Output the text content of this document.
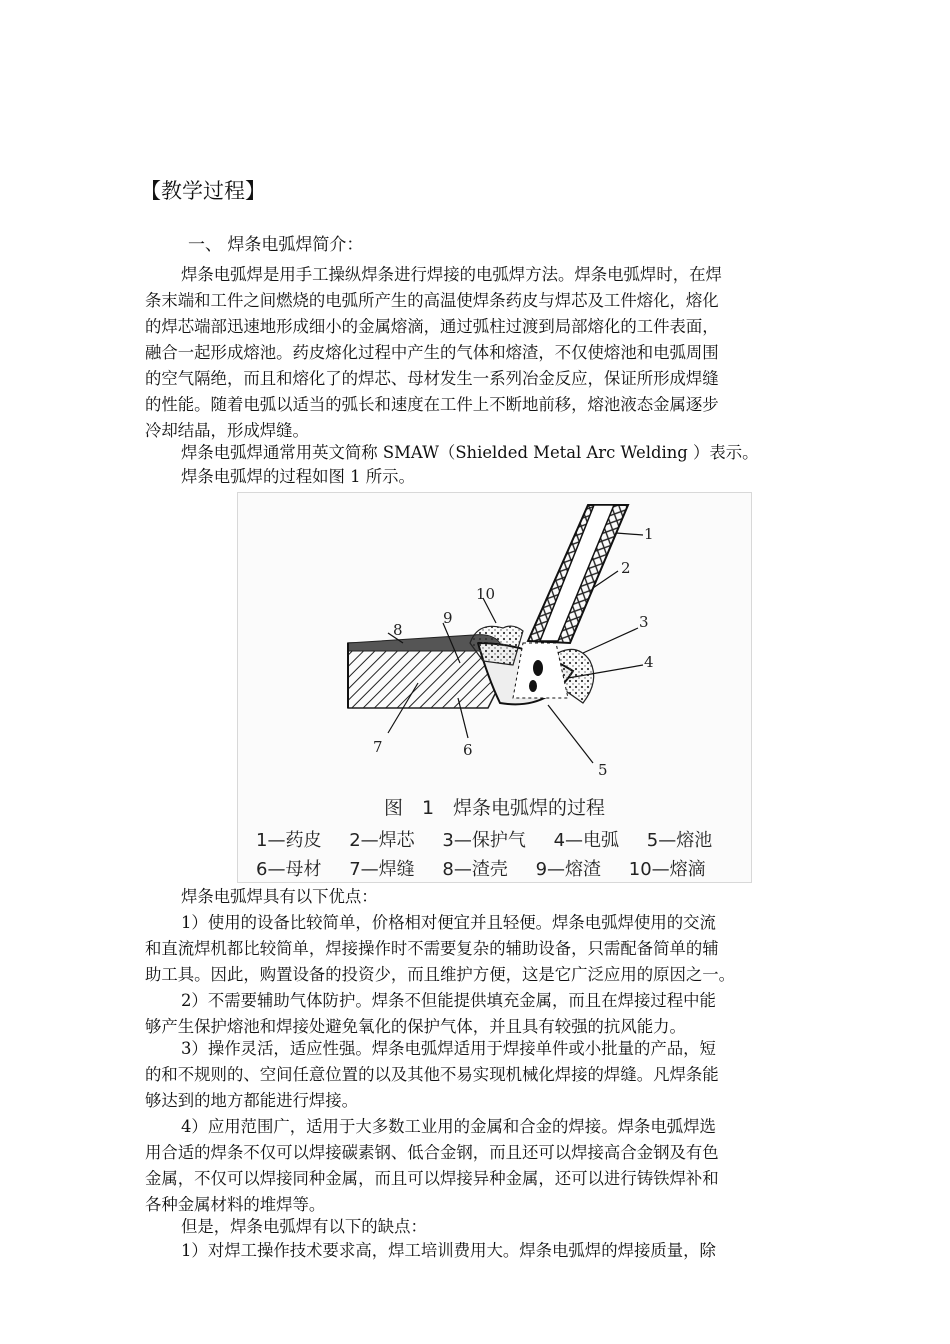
【教学过程】
一、 焊条电弧焊简介：
焊条电弧焊是用手工操纵焊条进行焊接的电弧焊方法。焊条电弧焊时，在焊
条末端和工件之间燃烧的电弧所产生的高温使焊条药皮与焊芯及工件熔化，熔化
的焊芯端部迅速地形成细小的金属熔滴，通过弧柱过渡到局部熔化的工件表面，
融合一起形成熔池。药皮熔化过程中产生的气体和熔渣，不仅使熔池和电弧周围
的空气隔绝，而且和熔化了的焊芯、母材发生一系列冶金反应，保证所形成焊缝
的性能。随着电弧以适当的弧长和速度在工件上不断地前移，熔池液态金属逐步
冷却结晶，形成焊缝。
焊条电弧焊通常用英文简称 SMAW（Shielded Metal Arc Welding ）表示。
焊条电弧焊的过程如图 1 所示。
1
2
3
4
5
6
7
8
9
10
图　1　焊条电弧焊的过程
1—药皮 2—焊芯 3—保护气 4—电弧 5—熔池
6—母材 7—焊缝 8—渣壳 9—熔渣 10—熔滴
焊条电弧焊具有以下优点：
1）使用的设备比较简单，价格相对便宜并且轻便。焊条电弧焊使用的交流
和直流焊机都比较简单，焊接操作时不需要复杂的辅助设备，只需配备简单的辅
助工具。因此，购置设备的投资少，而且维护方便，这是它广泛应用的原因之一。
2）不需要辅助气体防护。焊条不但能提供填充金属，而且在焊接过程中能
够产生保护熔池和焊接处避免氧化的保护气体，并且具有较强的抗风能力。
3）操作灵活，适应性强。焊条电弧焊适用于焊接单件或小批量的产品，短
的和不规则的、空间任意位置的以及其他不易实现机械化焊接的焊缝。凡焊条能
够达到的地方都能进行焊接。
4）应用范围广，适用于大多数工业用的金属和合金的焊接。焊条电弧焊选
用合适的焊条不仅可以焊接碳素钢、低合金钢，而且还可以焊接高合金钢及有色
金属，不仅可以焊接同种金属，而且可以焊接异种金属，还可以进行铸铁焊补和
各种金属材料的堆焊等。
但是，焊条电弧焊有以下的缺点：
1）对焊工操作技术要求高，焊工培训费用大。焊条电弧焊的焊接质量，除
